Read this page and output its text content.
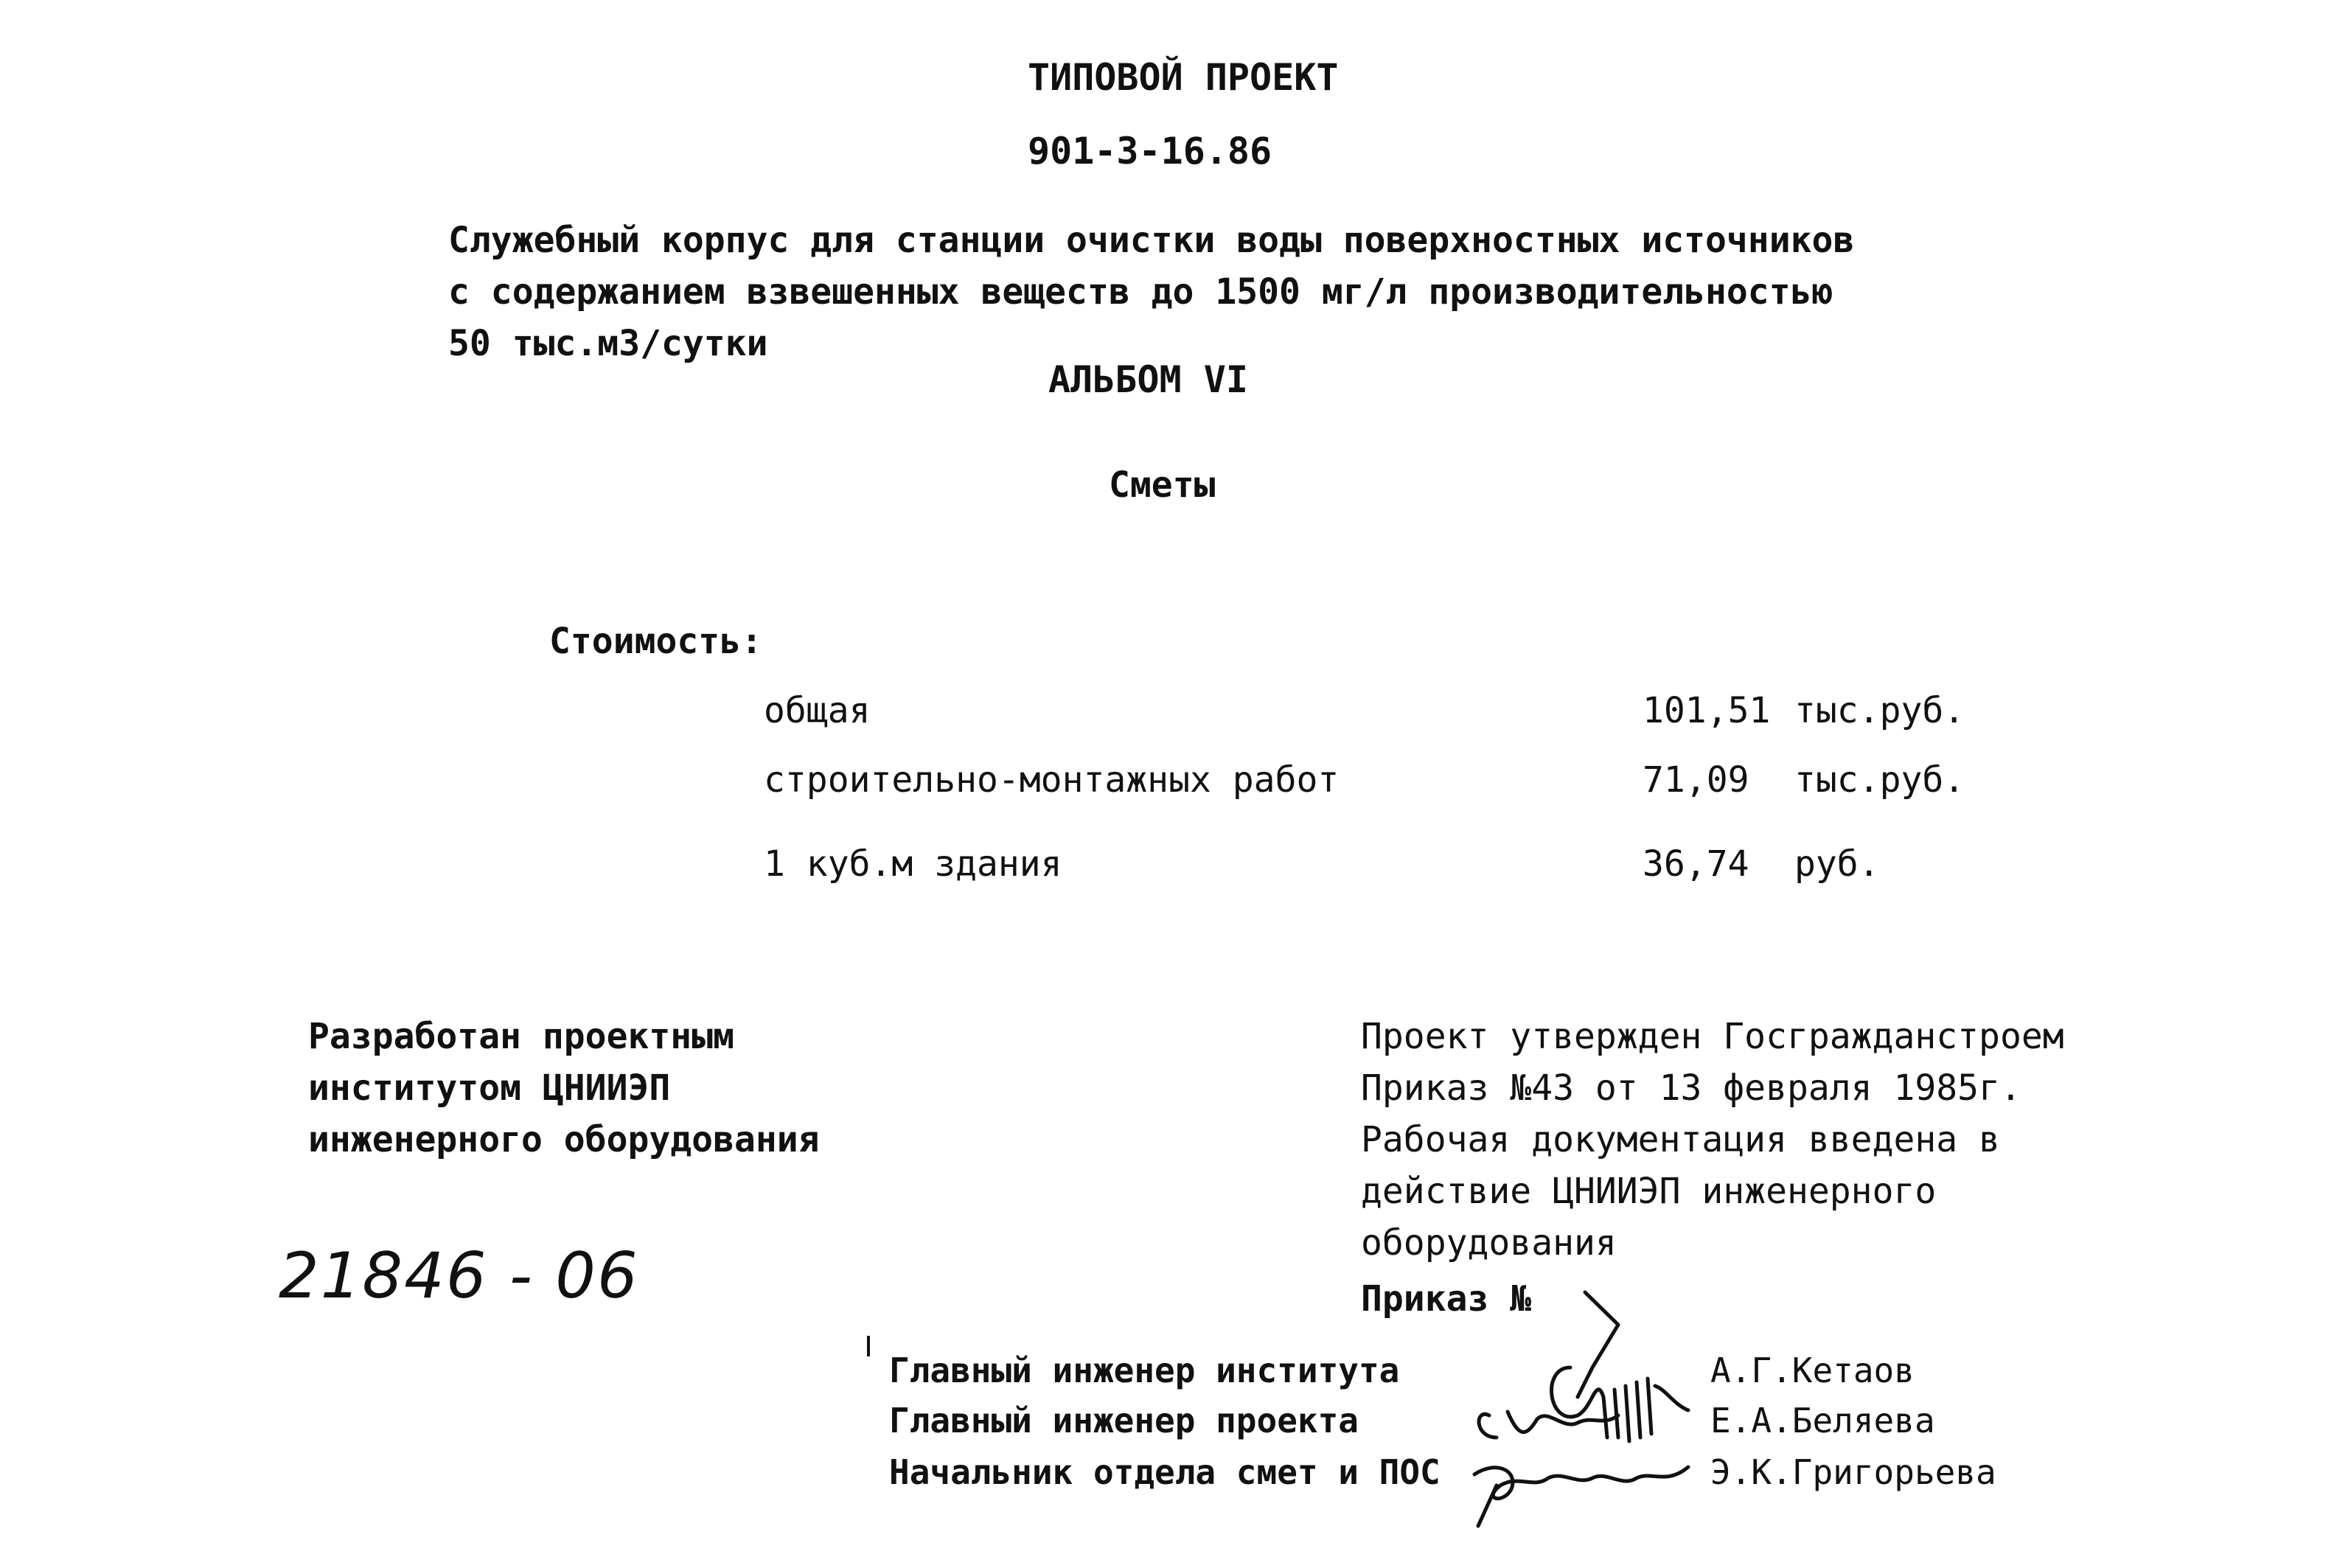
ТИПОВОЙ ПРОЕКТ
901-3-16.86
Служебный корпус для станции очистки воды поверхностных источников
с содержанием взвешенных веществ до 1500 мг/л производительностью
50 тыс.м3/сутки
АЛЬБОМ VI
Сметы
Стоимость:
общая	101,51 тыс.руб.
строительно-монтажных работ	71,09 тыс.руб.
1 куб.м здания	36,74 руб.
Разработан проектным
институтом ЦНИИЭП
инженерного оборудования
Проект утвержден Госгражданстроем
Приказ №43 от 13 февраля 1985г.
Рабочая документация введена в
действие ЦНИИЭП инженерного
оборудования
Приказ №
21846 - 06
Главный инженер института	А.Г.Кетаов
Главный инженер проекта	Е.А.Беляева
Начальник отдела смет и ПОС	Э.К.Григорьева
